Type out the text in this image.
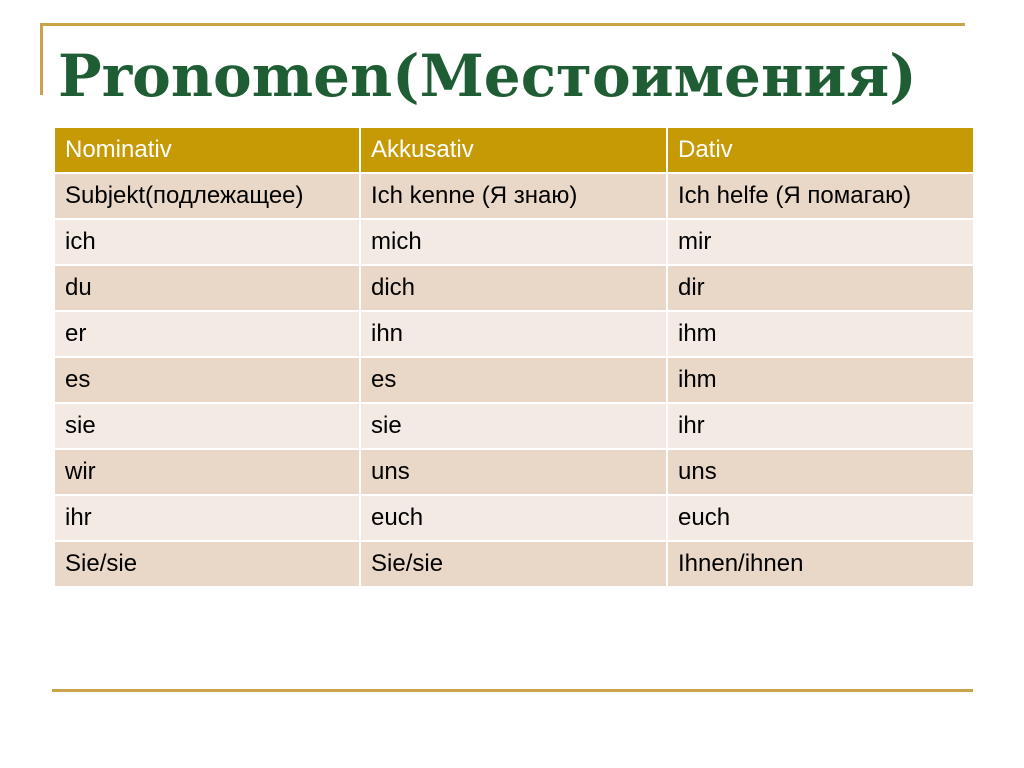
Pronomen(Местоимения)
Nominativ	Akkusativ	Dativ
Subjekt(подлежащее)	Ich kenne (Я знаю)	Ich helfe (Я помагаю)
ich	mich	mir
du	dich	dir
er	ihn	ihm
es	es	ihm
sie	sie	ihr
wir	uns	uns
ihr	euch	euch
Sie/sie	Sie/sie	Ihnen/ihnen
